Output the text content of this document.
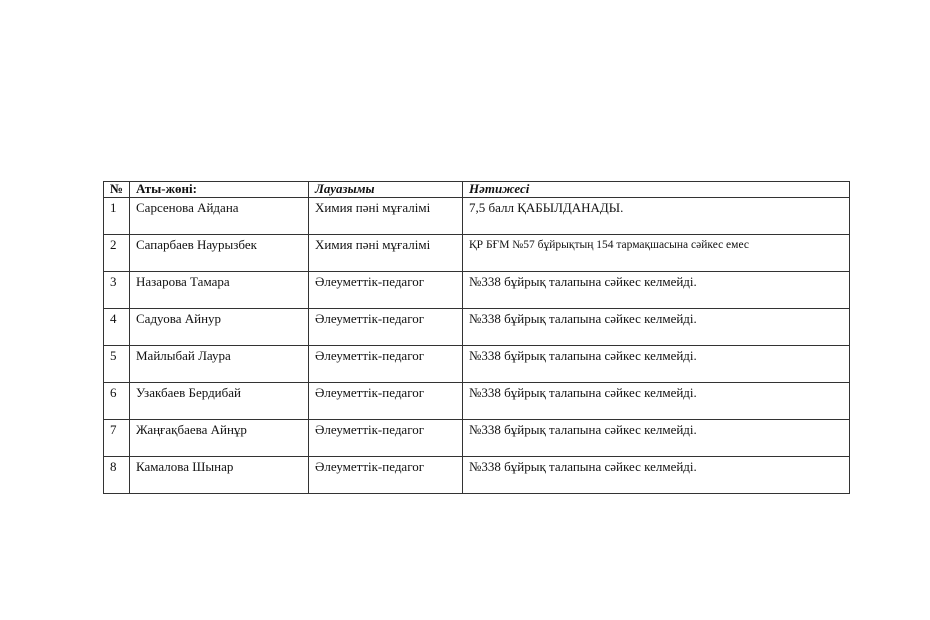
№	Аты-жөні:	Лауазымы	Нәтижесі
1	Сарсенова Айдана	Химия пәні мұғалімі	7,5 балл ҚАБЫЛДАНАДЫ.
2	Сапарбаев Наурызбек	Химия пәні мұғалімі	ҚР БҒМ №57 бұйрықтың 154 тармақшасына сәйкес емес
3	Назарова Тамара	Әлеуметтік-педагог	№338 бұйрық талапына сәйкес келмейді.
4	Садуова Айнур	Әлеуметтік-педагог	№338 бұйрық талапына сәйкес келмейді.
5	Майлыбай Лаура	Әлеуметтік-педагог	№338 бұйрық талапына сәйкес келмейді.
6	Узакбаев Бердибай	Әлеуметтік-педагог	№338 бұйрық талапына сәйкес келмейді.
7	Жаңғақбаева Айнұр	Әлеуметтік-педагог	№338 бұйрық талапына сәйкес келмейді.
8	Камалова Шынар	Әлеуметтік-педагог	№338 бұйрық талапына сәйкес келмейді.
